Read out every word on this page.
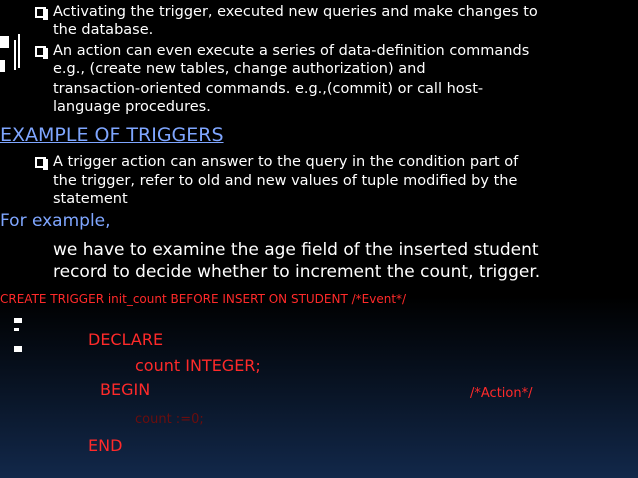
Activating the trigger, executed new queries and make changes to
the database.
An action can even execute a series of data-definition commands
e.g., (create new tables, change authorization) and
transaction-oriented commands. e.g.,(commit) or call host-
language procedures.
EXAMPLE OF TRIGGERS
A trigger action can answer to the query in the condition part of
the trigger, refer to old and new values of tuple modified by the
statement
For example,
we have to examine the age field of the inserted student
record to decide whether to increment the count, trigger.
CREATE TRIGGER init_count BEFORE INSERT ON STUDENT /*Event*/
DECLARE
count INTEGER;
BEGIN	/*Action*/
count :=0;
END
